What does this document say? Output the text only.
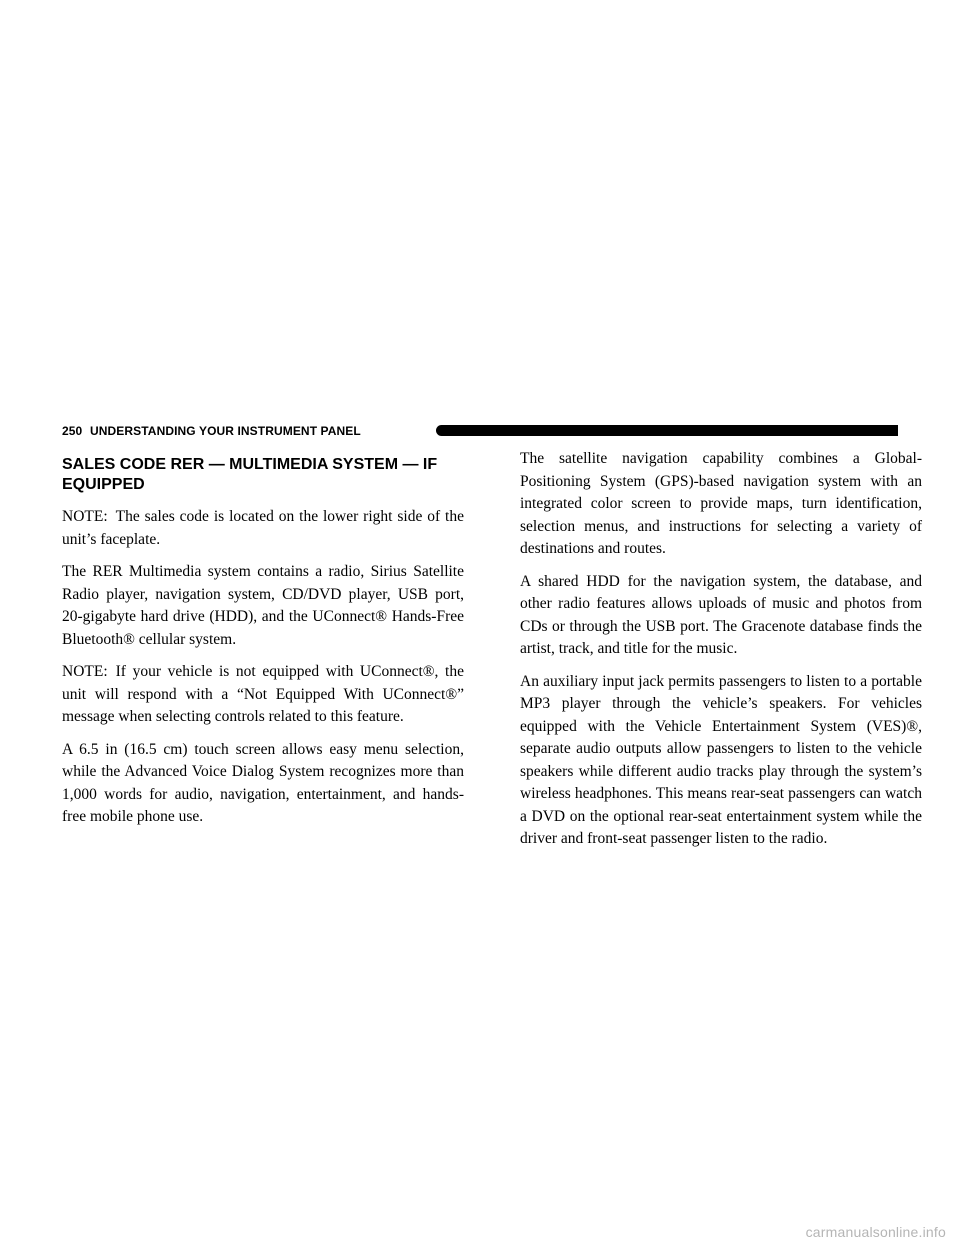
250 UNDERSTANDING YOUR INSTRUMENT PANEL
SALES CODE RER — MULTIMEDIA SYSTEM — IF EQUIPPED

NOTE: The sales code is located on the lower right side of the unit’s faceplate.

The RER Multimedia system contains a radio, Sirius Satellite Radio player, navigation system, CD/DVD player, USB port, 20-gigabyte hard drive (HDD), and the UConnect® Hands-Free Bluetooth® cellular system.

NOTE: If your vehicle is not equipped with UConnect®, the unit will respond with a “Not Equipped With UConnect®” message when selecting controls related to this feature.

A 6.5 in (16.5 cm) touch screen allows easy menu selection, while the Advanced Voice Dialog System recognizes more than 1,000 words for audio, navigation, entertainment, and hands-free mobile phone use.

The satellite navigation capability combines a Global-Positioning System (GPS)-based navigation system with an integrated color screen to provide maps, turn identification, selection menus, and instructions for selecting a variety of destinations and routes.

A shared HDD for the navigation system, the database, and other radio features allows uploads of music and photos from CDs or through the USB port. The Gracenote database finds the artist, track, and title for the music.

An auxiliary input jack permits passengers to listen to a portable MP3 player through the vehicle’s speakers. For vehicles equipped with the Vehicle Entertainment System (VES)®, separate audio outputs allow passengers to listen to the vehicle speakers while different audio tracks play through the system’s wireless headphones. This means rear-seat passengers can watch a DVD on the optional rear-seat entertainment system while the driver and front-seat passenger listen to the radio.

carmanualsonline.info
